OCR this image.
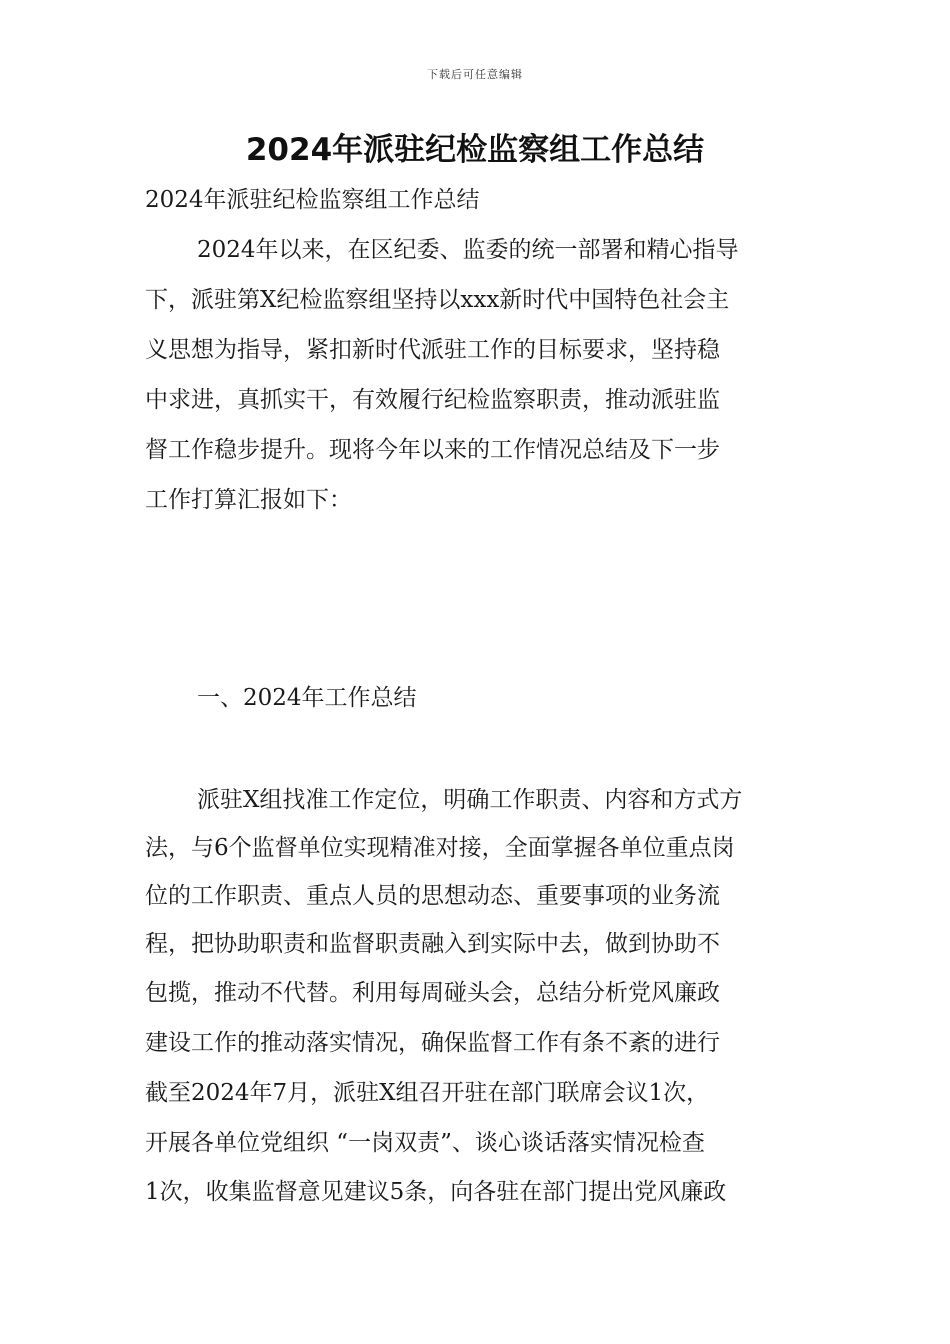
下载后可任意编辑
2024年派驻纪检监察组工作总结
2024年派驻纪检监察组工作总结
2024年以来，在区纪委、监委的统一部署和精心指导
下，派驻第X纪检监察组坚持以xxx新时代中国特色社会主
义思想为指导，紧扣新时代派驻工作的目标要求，坚持稳
中求进，真抓实干，有效履行纪检监察职责，推动派驻监
督工作稳步提升。现将今年以来的工作情况总结及下一步
工作打算汇报如下：
一、2024年工作总结
派驻X组找准工作定位，明确工作职责、内容和方式方
法，与6个监督单位实现精准对接，全面掌握各单位重点岗
位的工作职责、重点人员的思想动态、重要事项的业务流
程，把协助职责和监督职责融入到实际中去，做到协助不
包揽，推动不代替。利用每周碰头会，总结分析党风廉政
建设工作的推动落实情况，确保监督工作有条不紊的进行
截至2024年7月，派驻X组召开驻在部门联席会议1次，
开展各单位党组织 “一岗双责”、谈心谈话落实情况检查
1次，收集监督意见建议5条，向各驻在部门提出党风廉政
